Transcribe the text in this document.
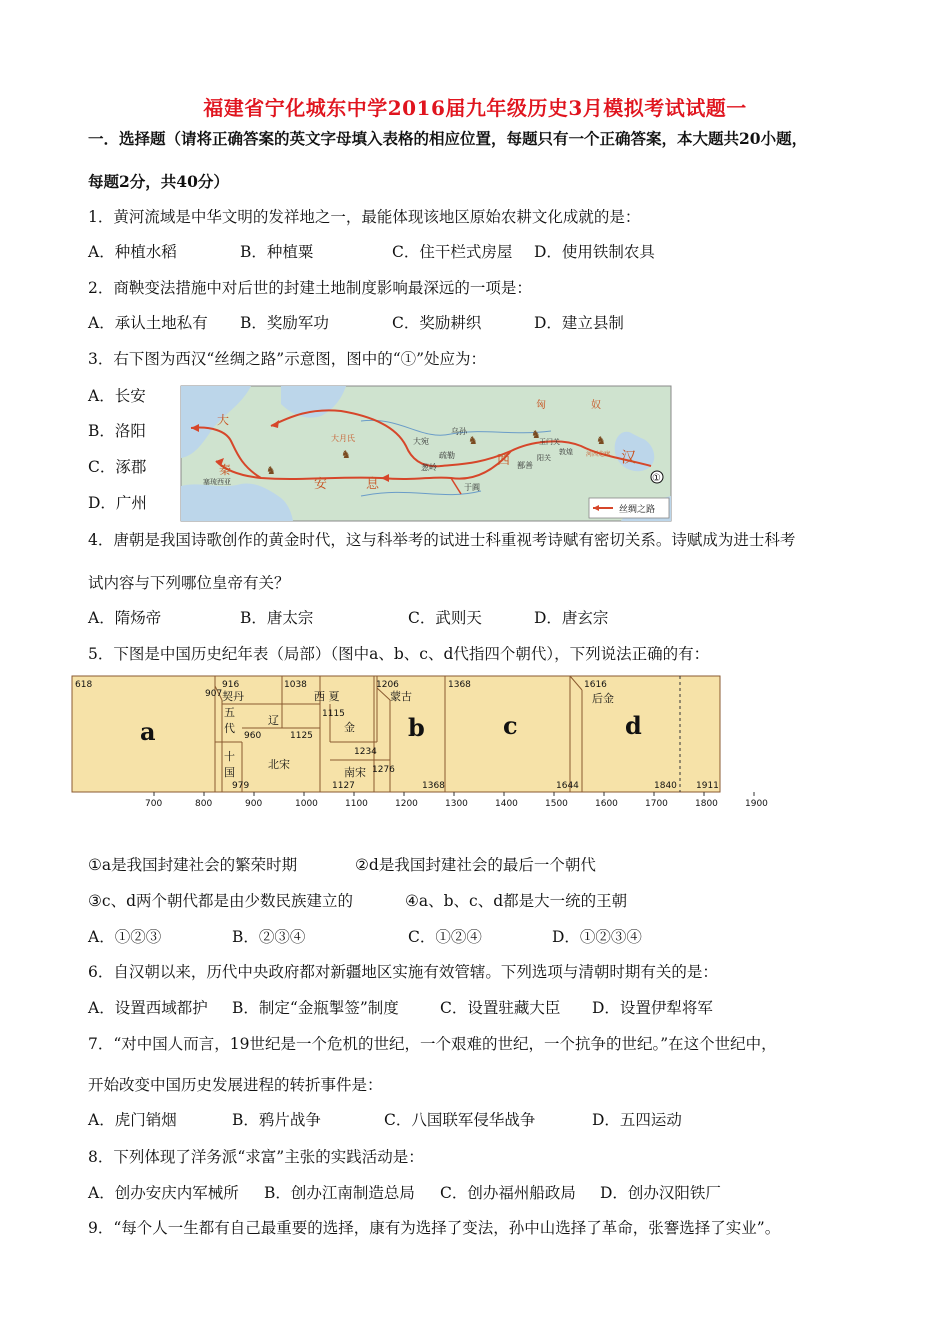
福建省宁化城东中学2016届九年级历史3月模拟考试试题一
一．选择题（请将正确答案的英文字母填入表格的相应位置，每题只有一个正确答案，本大题共20小题，
每题2分，共40分）
1．黄河流域是中华文明的发祥地之一，最能体现该地区原始农耕文化成就的是：
A．种植水稻	B．种植粟	C．住干栏式房屋 D．使用铁制农具
2．商鞅变法措施中对后世的封建土地制度影响最深远的一项是：
A．承认土地私有 B．奖励军功	C．奖励耕织	D．建立县制
3．右下图为西汉“丝绸之路”示意图，图中的“①”处应为：
A．长安
B．洛阳
C．涿郡
D．广州
♞
♞
♞	♞	♞
匈	奴
汉
西
大
秦
安	息
大月氏	大宛
疏勒
葱岭
于阗
鄯善
玉门关
阳关
敦煌 河西走廊
乌孙
塞琉西亚	①
丝绸之路
4．唐朝是我国诗歌创作的黄金时代，这与科举考的试进士科重视考诗赋有密切关系。诗赋成为进士科考
试内容与下列哪位皇帝有关？
A．隋炀帝	B．唐太宗	C．武则天	D．唐玄宗
5．下图是中国历史纪年表（局部）（图中a、b、c、d代指四个朝代），下列说法正确的有：
618
907
916
契丹
1038
西 夏
1206
蒙古
1368	1616
后金
五
代
辽
1125
1115
金
960
1234
十
国
北宋
979	1127
南宋 1276
1368	1644	1840 1911
a	b	c	d
700	800	900	1000	1100	1200	1300	1400	1500	1600	1700	1800	1900
①a是我国封建社会的繁荣时期	②d是我国封建社会的最后一个朝代
③c、d两个朝代都是由少数民族建立的	④a、b、c、d都是大一统的王朝
A．①②③	B．②③④	C．①②④	D．①②③④
6．自汉朝以来，历代中央政府都对新疆地区实施有效管辖。下列选项与清朝时期有关的是：
A．设置西域都护 B．制定“金瓶掣签”制度	C．设置驻藏大臣 D．设置伊犁将军
7．“对中国人而言，19世纪是一个危机的世纪，一个艰难的世纪，一个抗争的世纪。”在这个世纪中，
开始改变中国历史发展进程的转折事件是：
A．虎门销烟	B．鸦片战争	C．八国联军侵华战争	D．五四运动
8．下列体现了洋务派“求富”主张的实践活动是：
A．创办安庆内军械所 B．创办江南制造总局 C．创办福州船政局 D．创办汉阳铁厂
9．“每个人一生都有自己最重要的选择，康有为选择了变法，孙中山选择了革命，张謇选择了实业”。
